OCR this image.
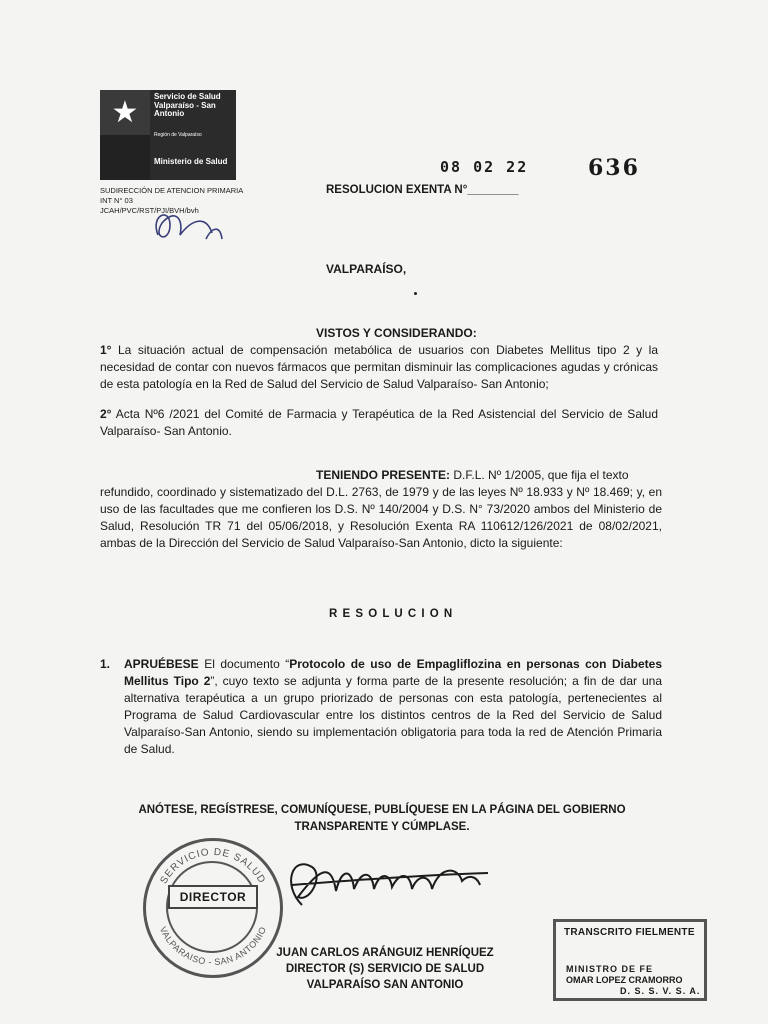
★	Servicio de Salud Valparaíso - San Antonio
Región de Valparaíso
Ministerio de Salud
SUDIRECCIÓN DE ATENCION PRIMARIA
INT N° 03
JCAH/PVC/RST/PJI/BVH/bvh
08 02 22	636
RESOLUCION EXENTA N°________
VALPARAÍSO,
VISTOS Y CONSIDERANDO:
1° La situación actual de compensación metabólica de usuarios con Diabetes Mellitus tipo 2 y la necesidad de contar con nuevos fármacos que permitan disminuir las complicaciones agudas y crónicas de esta patología en la Red de Salud del Servicio de Salud Valparaíso- San Antonio;
2° Acta Nº6 /2021 del Comité de Farmacia y Terapéutica de la Red Asistencial del Servicio de Salud Valparaíso- San Antonio.
TENIENDO PRESENTE: D.F.L. Nº 1/2005, que fija el texto
refundido, coordinado y sistematizado del D.L. 2763, de 1979 y de las leyes Nº 18.933 y Nº 18.469; y, en uso de las facultades que me confieren los D.S. Nº 140/2004 y D.S. N° 73/2020 ambos del Ministerio de Salud, Resolución TR 71 del 05/06/2018, y Resolución Exenta RA 110612/126/2021 de 08/02/2021, ambas de la Dirección del Servicio de Salud Valparaíso-San Antonio, dicto la siguiente:
R E S O L U C I O N
1. APRUÉBESE El documento “Protocolo de uso de Empagliflozina en personas con Diabetes Mellitus Tipo 2”, cuyo texto se adjunta y forma parte de la presente resolución; a fin de dar una alternativa terapéutica a un grupo priorizado de personas con esta patología, pertenecientes al Programa de Salud Cardiovascular entre los distintos centros de la Red del Servicio de Salud Valparaíso-San Antonio, siendo su implementación obligatoria para toda la red de Atención Primaria de Salud.
ANÓTESE, REGÍSTRESE, COMUNÍQUESE, PUBLÍQUESE EN LA PÁGINA DEL GOBIERNO
TRANSPARENTE Y CÚMPLASE.
DIRECTOR
SERVICIO DE SALUD
VALPARAISO - SAN ANTONIO
JUAN CARLOS ARÁNGUIZ HENRÍQUEZ
DIRECTOR (S) SERVICIO DE SALUD
VALPARAÍSO SAN ANTONIO
TRANSCRITO FIELMENTE
MINISTRO DE FE
OMAR LOPEZ CRAMORRO
D. S. S. V. S. A.
